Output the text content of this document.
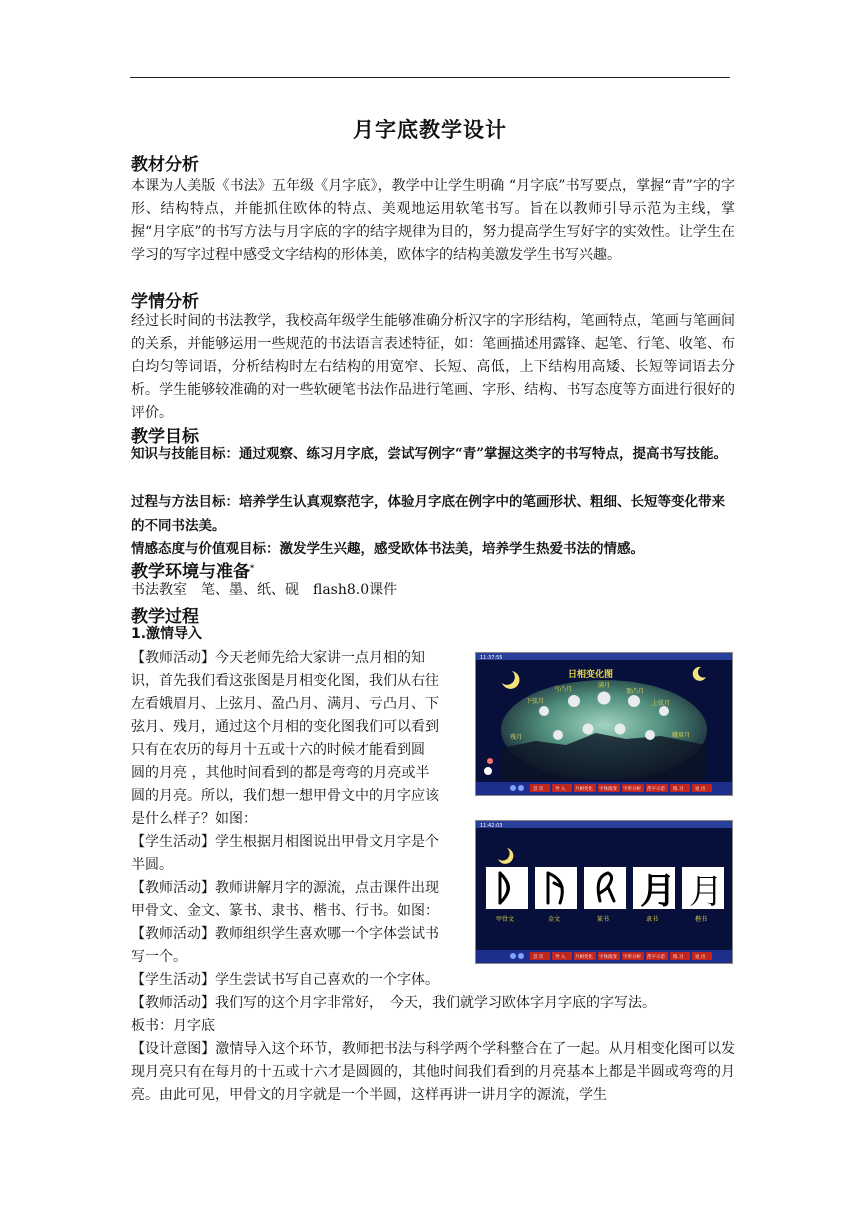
月字底教学设计
教材分析
本课为人美版《书法》五年级《月字底》，教学中让学生明确 “月字底”书写要点，掌握“青”字的字形、结构特点，并能抓住欧体的特点、美观地运用软笔书写。旨在以教师引导示范为主线，掌握“月字底”的书写方法与月字底的字的结字规律为目的，努力提高学生写好字的实效性。让学生在学习的写字过程中感受文字结构的形体美，欧体字的结构美激发学生书写兴趣。
学情分析
经过长时间的书法教学，我校高年级学生能够准确分析汉字的字形结构，笔画特点，笔画与笔画间的关系，并能够运用一些规范的书法语言表述特征，如：笔画描述用露锋、起笔、行笔、收笔、布白均匀等词语，分析结构时左右结构的用宽窄、长短、高低，上下结构用高矮、长短等词语去分析。学生能够较准确的对一些软硬笔书法作品进行笔画、字形、结构、书写态度等方面进行很好的评价。
教学目标
知识与技能目标：通过观察、练习月字底，尝试写例字“青”掌握这类字的书写特点，提高书写技能。
过程与方法目标：培养学生认真观察范字，体验月字底在例字中的笔画形状、粗细、长短等变化带来的不同书法美。
情感态度与价值观目标：激发学生兴趣，感受欧体书法美，培养学生热爱书法的情感。
教学环境与准备*
书法教室　笔、墨、纸、砚　flash8.0课件
教学过程
1.激情导入
【教师活动】今天老师先给大家讲一点月相的知
识，首先我们看这张图是月相变化图，我们从右往
左看娥眉月、上弦月、盈凸月、满月、亏凸月、下
弦月、残月，通过这个月相的变化图我们可以看到
只有在农历的每月十五或十六的时候才能看到圆
圆的月亮 ，其他时间看到的都是弯弯的月亮或半
圆的月亮。所以，我们想一想甲骨文中的月字应该
是什么样子？如图：
【学生活动】学生根据月相图说出甲骨文月字是个
半圆。
【教师活动】教师讲解月字的源流，点击课件出现
甲骨文、金文、篆书、隶书、楷书、行书。如图：
【教师活动】教师组织学生喜欢哪一个字体尝试书
写一个。
【学生活动】学生尝试书写自己喜欢的一个字体。
【教师活动】我们写的这个月字非常好，　今天，我们就学习欧体字月字底的字写法。
板书：月字底
【设计意图】激情导入这个环节，教师把书法与科学两个学科整合在了一起。从月相变化图可以发现月亮只有在每月的十五或十六才是圆圆的，其他时间我们看到的月亮基本上都是半圆或弯弯的月亮。由此可见，甲骨文的月字就是一个半圆，这样再讲一讲月字的源流，学生
11:37:55
日相变化图
满月
亏凸月	盈凸月
下弦月	上弦月
残月	娥眉月
首 页	导 入 月相变化 字体演变 字形分析 范字示范 练 习	退 出
11:42:03
月 月
甲骨文	金文	篆书	隶书	楷书
首 页	导 入 月相变化 字体演变 字形分析 范字示范 练 习	退 出
